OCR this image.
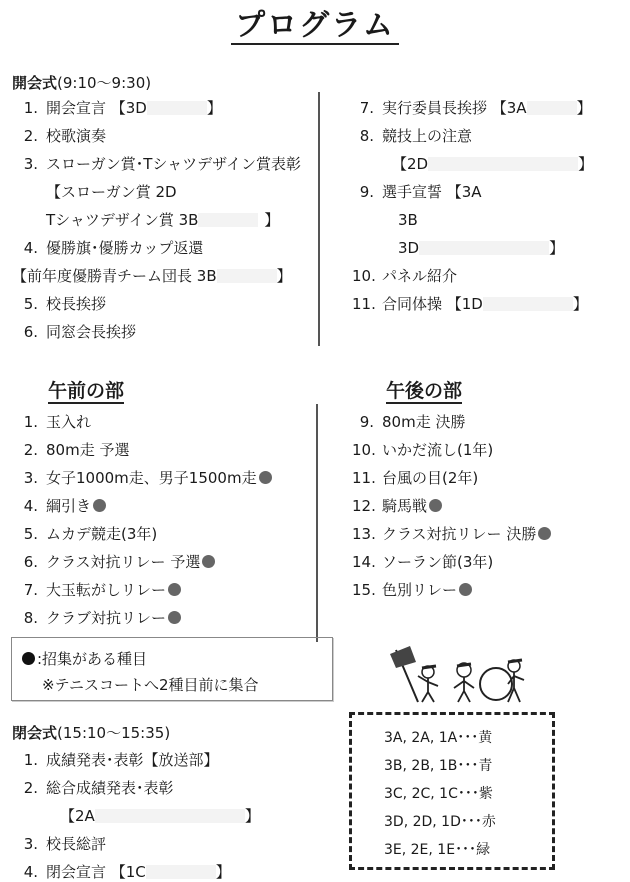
プログラム
開会式(9:10～9:30)
1. 開会宣言 【3D	】
2. 校歌演奏
3. スローガン賞･Tシャツデザイン賞表彰
【スローガン賞 2D
Tシャツデザイン賞 3B	】
4. 優勝旗･優勝カップ返還
【前年度優勝青チーム団長 3B	】
5. 校長挨拶
6. 同窓会長挨拶
7. 実行委員長挨拶 【3A	】
8. 競技上の注意
【2D	】
9. 選手宣誓 【3A
3B
3D	】
10. パネル紹介
11. 合同体操 【1D	】
午前の部
1. 玉入れ
2. 80m走 予選
3. 女子1000m走、男子1500m走
4. 綱引き
5. ムカデ競走(3年)
6. クラス対抗リレー 予選
7. 大玉転がしリレー
8. クラブ対抗リレー
午後の部
9. 80m走 決勝
10. いかだ流し(1年)
11. 台風の目(2年)
12. 騎馬戦
13. クラス対抗リレー 決勝
14. ソーラン節(3年)
15. 色別リレー
:招集がある種目
※テニスコートへ2種目前に集合
閉会式(15:10～15:35)
1. 成績発表･表彰【放送部】
2. 総合成績発表･表彰
【2A	】
3. 校長総評
4. 閉会宣言 【1C	】
3A, 2A, 1A･･･黄
3B, 2B, 1B･･･青
3C, 2C, 1C･･･紫
3D, 2D, 1D･･･赤
3E, 2E, 1E･･･緑
